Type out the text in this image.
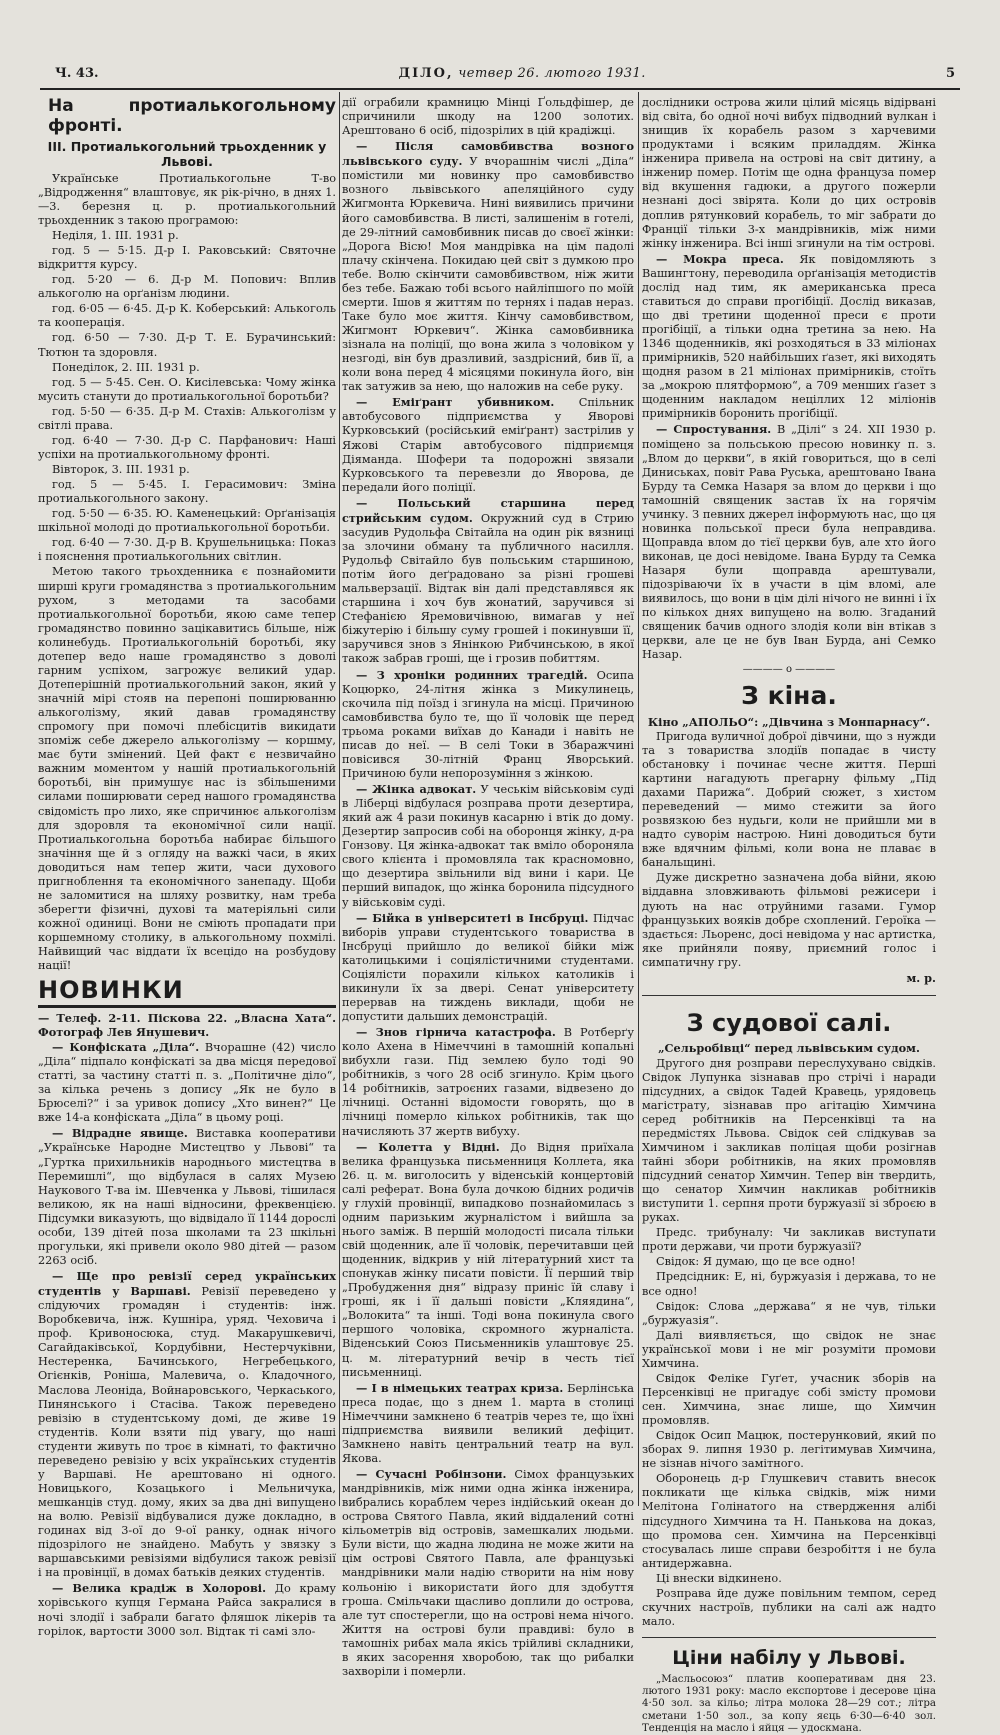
Ч. 43.	ДІЛО, четвер 26. лютого 1931.	5
На протиалькогольному фронті.
III. Протиалькогольний трьохденник у Львові.

Українське Протиалькогольне Т-во „Відродження“ влаштовує, як рік-річно, в днях 1.—3. березня ц. р. протиалькогольний трьохденник з такою програмою:

Неділя, 1. III. 1931 р.

год. 5 — 5·15. Д-р І. Раковський: Святочне відкриття курсу.

год. 5·20 — 6. Д-р М. Попович: Вплив алькоголю на орґанізм людини.

год. 6·05 — 6·45. Д-р К. Коберський: Алькоголь та кооперація.

год. 6·50 — 7·30. Д-р Т. Е. Бурачинський: Тютюн та здоровля.

Понеділок, 2. III. 1931 р.

год. 5 — 5·45. Сен. О. Кисілевська: Чому жінка мусить станути до протиалькогольної боротьби?

год. 5·50 — 6·35. Д-р М. Стахів: Алькоголізм у світлі права.

год. 6·40 — 7·30. Д-р С. Парфанович: Наші успіхи на протиалькогольному фронті.

Вівторок, 3. III. 1931 р.

год. 5 — 5·45. І. Герасимович: Зміна протиалькогольного закону.

год. 5·50 — 6·35. Ю. Каменецький: Орґанізація шкільної молоді до протиалькогольної боротьби.

год. 6·40 — 7·30. Д-р В. Крушельницька: Показ і пояснення протиалькогольних світлин.

Метою такого трьохденника є познайомити ширші круги громадянства з протиалькогольним рухом, з методами та засобами протиалькогольної боротьби, якою саме тепер громадянство повинно зацікавитись більше, ніж колинебудь. Протиалькогольній боротьбі, яку дотепер ведо наше громадянство з доволі гарним успіхом, загрожує великий удар. Дотеперішній протиалькогольний закон, який у значній мірі стояв на перепоні поширюванню алькоголізму, який давав громадянству спромогу при помочі плебісцитів викидати зпоміж себе джерело алькоголізму — коршму, має бути змінений. Цей факт є незвичайно важним моментом у нашій протиалькогольній боротьбі, він примушує нас із збільшеними силами поширювати серед нашого громадянства свідомість про лихо, яке спричинює алькоголізм для здоровля та економічної сили нації. Протиалькогольна боротьба набирає більшого значіння ще й з огляду на важкі часи, в яких доводиться нам тепер жити, часи духового пригноблення та економічного занепаду. Щоби не заломитися на шляху розвитку, нам треба зберегти фізичні, духові та матеріяльні сили кожної одиниці. Вони не сміють пропадати при коршемному столику, в алькогольному похмілі. Найвищий час віддати їх всецідо на розбудову нації!

НОВИНКИ

— Телеф. 2-11. Піскова 22. „Власна Хата“. Фотограф Лев Янушевич.

— Конфіската „Діла“. Вчорашне (42) число „Діла“ підпало конфіскаті за два місця передової статті, за частину статті п. з. „Політичне діло“, за кілька речень з допису „Як не було в Брюселі?“ і за уривок допису „Хто винен?“ Це вже 14-а конфіската „Діла“ в цьому році.

— Відрадне явище. Виставка кооперативи „Українське Народне Мистецтво у Львові“ та „Гуртка прихильників народнього мистецтва в Перемишлі“, що відбулася в салях Музею Наукового Т-ва ім. Шевченка у Львові, тішилася великою, як на наші відносини, фреквенцією. Підсумки виказують, що відвідало її 1144 дорослі особи, 139 дітей поза школами та 23 шкільні прогульки, які привели около 980 дітей — разом 2263 осіб.

— Ще про ревізії серед українських студентів у Варшаві. Ревізії переведено у слідуючих громадян і студентів: інж. Воробкевича, інж. Кушніра, уряд. Чеховича і проф. Кривоносюка, студ. Макарушкевичі, Сагайдаківської, Кордубівни, Нестерчуківни, Нестеренка, Бачинського, Негребецького, Огієнків, Роніша, Малевича, о. Кладочного, Маслова Леоніда, Войнаровського, Черкаського, Пинянського і Стасіва. Також переведено ревізію в студентському домі, де живе 19 студентів. Коли взяти під увагу, що наші студенти живуть по троє в кімнаті, то фактично переведено ревізію у всіх українських студентів у Варшаві. Не арештовано ні одного. Новицького, Козацького і Мельничука, мешканців студ. дому, яких за два дні випущено на волю. Ревізії відбувалися дуже докладно, в годинах від 3-ої до 9-ої ранку, однак нічого підозрілого не знайдено. Мабуть у звязку з варшавськими ревізіями відбулися також ревізії і на провінції, в домах батьків деяких студентів.

— Велика крадіж в Холорові. До краму хорівського купця Германа Райса закралися в ночі злодії і забрали багато фляшок лікерів та горілок, вартости 3000 зол. Відтак ті самі зло-

дії ограбили крамницю Мінці Ґольдфішер, де спричинили шкоду на 1200 золотих. Арештовано 6 осіб, підозрілих в цій крадіжці.

— Після самовбивства возного львівського суду. У вчорашнім числі „Діла“ помістили ми новинку про самовбивство возного львівського апеляційного суду Жигмонта Юркевича. Нині виявились причини його самовбивства. В листі, залишенім в готелі, де 29-літний самовбивник писав до своєї жінки: „Дорога Вісю! Моя мандрівка на цім падолі плачу скінчена. Покидаю цей світ з думкою про тебе. Волю скінчити самовбивством, ніж жити без тебе. Бажаю тобі всього найліпшого по моїй смерти. Ішов я життям по тернях і падав нераз. Таке було моє життя. Кінчу самовбивством, Жигмонт Юркевич“. Жінка самовбивника зізнала на поліції, що вона жила з чоловіком у незгоді, він був дразливий, заздрісний, бив її, а коли вона перед 4 місяцями покинула його, він так затужив за нею, що наложив на себе руку.

— Еміґрант убивником. Спільник автобусового підприємства у Яворові Курковський (російський еміґрант) застрілив у Яжові Старім автобусового підприємця Діяманда. Шофери та подорожні звязали Курковського та перевезли до Яворова, де передали його поліції.

— Польський старшина перед стрийським судом. Окружний суд в Стрию засудив Рудольфа Світайла на один рік вязниці за злочини обману та публичного насилля. Рудольф Світайло був польським старшиною, потім його деґрадовано за різні грошеві мальверзації. Відтак він далі представлявся як старшина і хоч був жонатий, заручився зі Стефанією Яремовичівною, вимагав у неї біжутерію і більшу суму грошей і покинувши її, заручився знов з Янінкою Рибчинською, в якої також забрав гроші, ще і грозив побиттям.

— З хроніки родинних трагедій. Осипа Коцюрко, 24-літня жінка з Микулинець, скочила під поїзд і згинула на місці. Причиною самовбивства було те, що її чоловік ще перед трьома роками виїхав до Канади і навіть не писав до неї. — В селі Токи в Збаражчині повісився 30-літній Франц Яворський. Причиною були непорозуміння з жінкою.

— Жінка адвокат. У чеськім військовім суді в Ліберці відбулася розправа проти дезертира, який аж 4 рази покинув касарню і втік до дому. Дезертир запросив собі на оборонця жінку, д-ра Гонзову. Ця жінка-адвокат так вміло обороняла свого клієнта і промовляла так красномовно, що дезертира звільнили від вини і кари. Це перший випадок, що жінка боронила підсудного у військовім суді.

— Бійка в університеті в Інсбруці. Підчас виборів управи студентського товариства в Інсбруці прийшло до великої бійки між католицькими і соціялістичними студентами. Соціялісти порахили кількох католиків і викинули їх за двері. Сенат університету перервав на тиждень виклади, щоби не допустити дальших демонстрацій.

— Знов гірнича катастрофа. В Ротберґу коло Ахена в Німеччині в тамошній копальні вибухли гази. Під землею було тоді 90 робітників, з чого 28 осіб згинуло. Крім цього 14 робітників, затроєних газами, відвезено до лічниці. Останні відомости говорять, що в лічниці померло кількох робітників, так що начисляють 37 жертв вибуху.

— Колетта у Відні. До Відня приїхала велика французька письменниця Коллета, яка 26. ц. м. виголосить у віденській концертовій салі реферат. Вона була дочкою бідних родичів у глухій провінції, випадково познайомилась з одним паризьким журналістом і вийшла за нього заміж. В першій молодості писала тільки свій щоденник, але її чоловік, перечитавши цей щоденник, відкрив у ній літературний хист та спонукав жінку писати повісти. Її перший твір „Пробудження дня“ відразу приніс їй славу і гроші, як і її дальші повісти „Кляядина“, „Волокита“ та інші. Тоді вона покинула свого першого чоловіка, скромного журналіста. Віденський Союз Письменників улаштовує 25. ц. м. літературний вечір в честь тієї письменниці.

— І в німецьких театрах криза. Берлінська преса подає, що з днем 1. марта в столиці Німеччини замкнено 6 театрів через те, що їхні підприємства виявили великий дефіцит. Замкнено навіть центральний театр на вул. Якова.

— Сучасні Робінзони. Сімох французьких мандрівників, між ними одна жінка інженира, вибрались кораблем через індійський океан до острова Святого Павла, який віддалений сотні кільометрів від островів, замешкалих людьми. Були вісти, що жадна людина не може жити на цім острові Святого Павла, але французькі мандрівники мали надію створити на нім нову кольонію і використати його для здобуття гроша. Смільчаки щасливо доплили до острова, але тут спостерегли, що на острові нема нічого. Життя на острові були правдиві: було в тамошніх рибах мала якісь трійливі складники, в яких засорення хворобою, так що рибалки захворіли і померли.

дослідники острова жили цілий місяць відірвані від світа, бо одної ночі вибух підводний вулкан і знищив їх корабель разом з харчевими продуктами і всяким приладдям. Жінка інженира привела на острові на світ дитину, а інженир помер. Потім ще одна француза помер від вкушення гадюки, а другого пожерли незнані досі звірята. Коли до цих островів доплив рятунковий корабель, то міг забрати до Франції тільки 3-х мандрівників, між ними жінку інженира. Всі інші згинули на тім острові.

— Мокра преса. Як повідомляють з Вашингтону, переводила орґанізація методистів дослід над тим, як американська преса ставиться до справи прогібіції. Дослід виказав, що дві третини щоденної преси є проти прогібіції, а тільки одна третина за нею. На 1346 щоденників, які розходяться в 33 міліонах примірників, 520 найбільших ґазет, які виходять щодня разом в 21 міліонах примірників, стоїть за „мокрою плятформою“, а 709 менших ґазет з щоденним накладом неціллих 12 міліонів примірників боронить прогібіції.

— Спростування. В „Ділі“ з 24. XII 1930 р. поміщено за польською пресою новинку п. з. „Влом до церкви“, в якій говориться, що в селі Диниськах, повіт Рава Руська, арештовано Івана Бурду та Семка Назаря за влом до церкви і що тамошній священик застав їх на горячім учинку. З певних джерел інформують нас, що ця новинка польської преси була неправдива. Щоправда влом до тієї церкви був, але хто його виконав, це досі невідоме. Івана Бурду та Семка Назаря були щоправда арештували, підозріваючи їх в участи в цім вломі, але виявилось, що вони в цім ділі нічого не винні і їх по кількох днях випущено на волю. Згаданий священик бачив одного злодія коли він втікав з церкви, але це не був Іван Бурда, ані Семко Назар.

———— o ————

З кіна.

Кіно „АПОЛЬО“: „Дівчина з Монпарнасу“.

Пригода вуличної доброї дівчини, що з нужди та з товариства злодіїв попадає в чисту обстановку і починає чесне життя. Перші картини нагадують прегарну фільму „Під дахами Парижа“. Добрий сюжет, з хистом переведений — мимо стежити за його розвязкою без нудьги, коли не прийшли ми в надто суворім настрою. Нині доводиться бути вже вдячним фільмі, коли вона не плаває в банальщині.

Дуже дискретно зазначена доба війни, якою віддавна зловживають фільмові режисери і дують на нас отруйними газами. Гумор французьких вояків добре схоплений. Героїка — здається: Льоренс, досі невідома у нас артистка, яке прийняли появу, приємний голос і симпатичну гру.

м. р.

З судової салі.

„Сельробівці“ перед львівським судом.

Другого дня розправи переслухувано свідків. Свідок Лупунка зізнавав про стрічі і наради підсудних, а свідок Тадей Кравець, урядовець магістрату, зізнавав про агітацію Химчина серед робітників на Персенківці та на передмістях Львова. Свідок сей слідкував за Химчином і закликав поліцая щоби розігнав тайні збори робітників, на яких промовляв підсудний сенатор Химчин. Тепер він твердить, що сенатор Химчин накликав робітників виступити 1. серпня проти буржуазії зі зброєю в руках.

Предс. трибуналу: Чи закликав виступати проти держави, чи проти буржуазії?

Свідок: Я думаю, що це все одно!

Предсідник: Е, ні, буржуазія і держава, то не все одно!

Свідок: Слова „держава“ я не чув, тільки „буржуазія“.

Далі виявляється, що свідок не знає української мови і не міг розуміти промови Химчина.

Свідок Феліке Гуґет, учасник зборів на Персенківці не пригадує собі змісту промови сен. Химчина, знає лише, що Химчин промовляв.

Свідок Осип Мацюк, постерунковий, який по зборах 9. липня 1930 р. легітимував Химчина, не зізнав нічого замітного.

Оборонець д-р Глушкевич ставить внесок покликати ще кілька свідків, між ними Мелітона Голінатого на ствердження алібі підсудного Химчина та Н. Панькова на доказ, що промова сен. Химчина на Персенківці стосувалась лише справи безробіття і не була антидержавна.

Ці внески відкинено.

Розправа йде дуже повільним темпом, серед скучних настроїв, публики на салі аж надто мало.

Ціни набілу у Львові.

„Масльосоюз“ платив кооперативам дня 23. лютого 1931 року: масло експортове і десерове ціна 4·50 зол. за кільо; літра молока 28—29 сот.; літра сметани 1·50 зол., за копу яєць 6·30—6·40 зол. Тенденція на масло і яйця — удоскмана.
